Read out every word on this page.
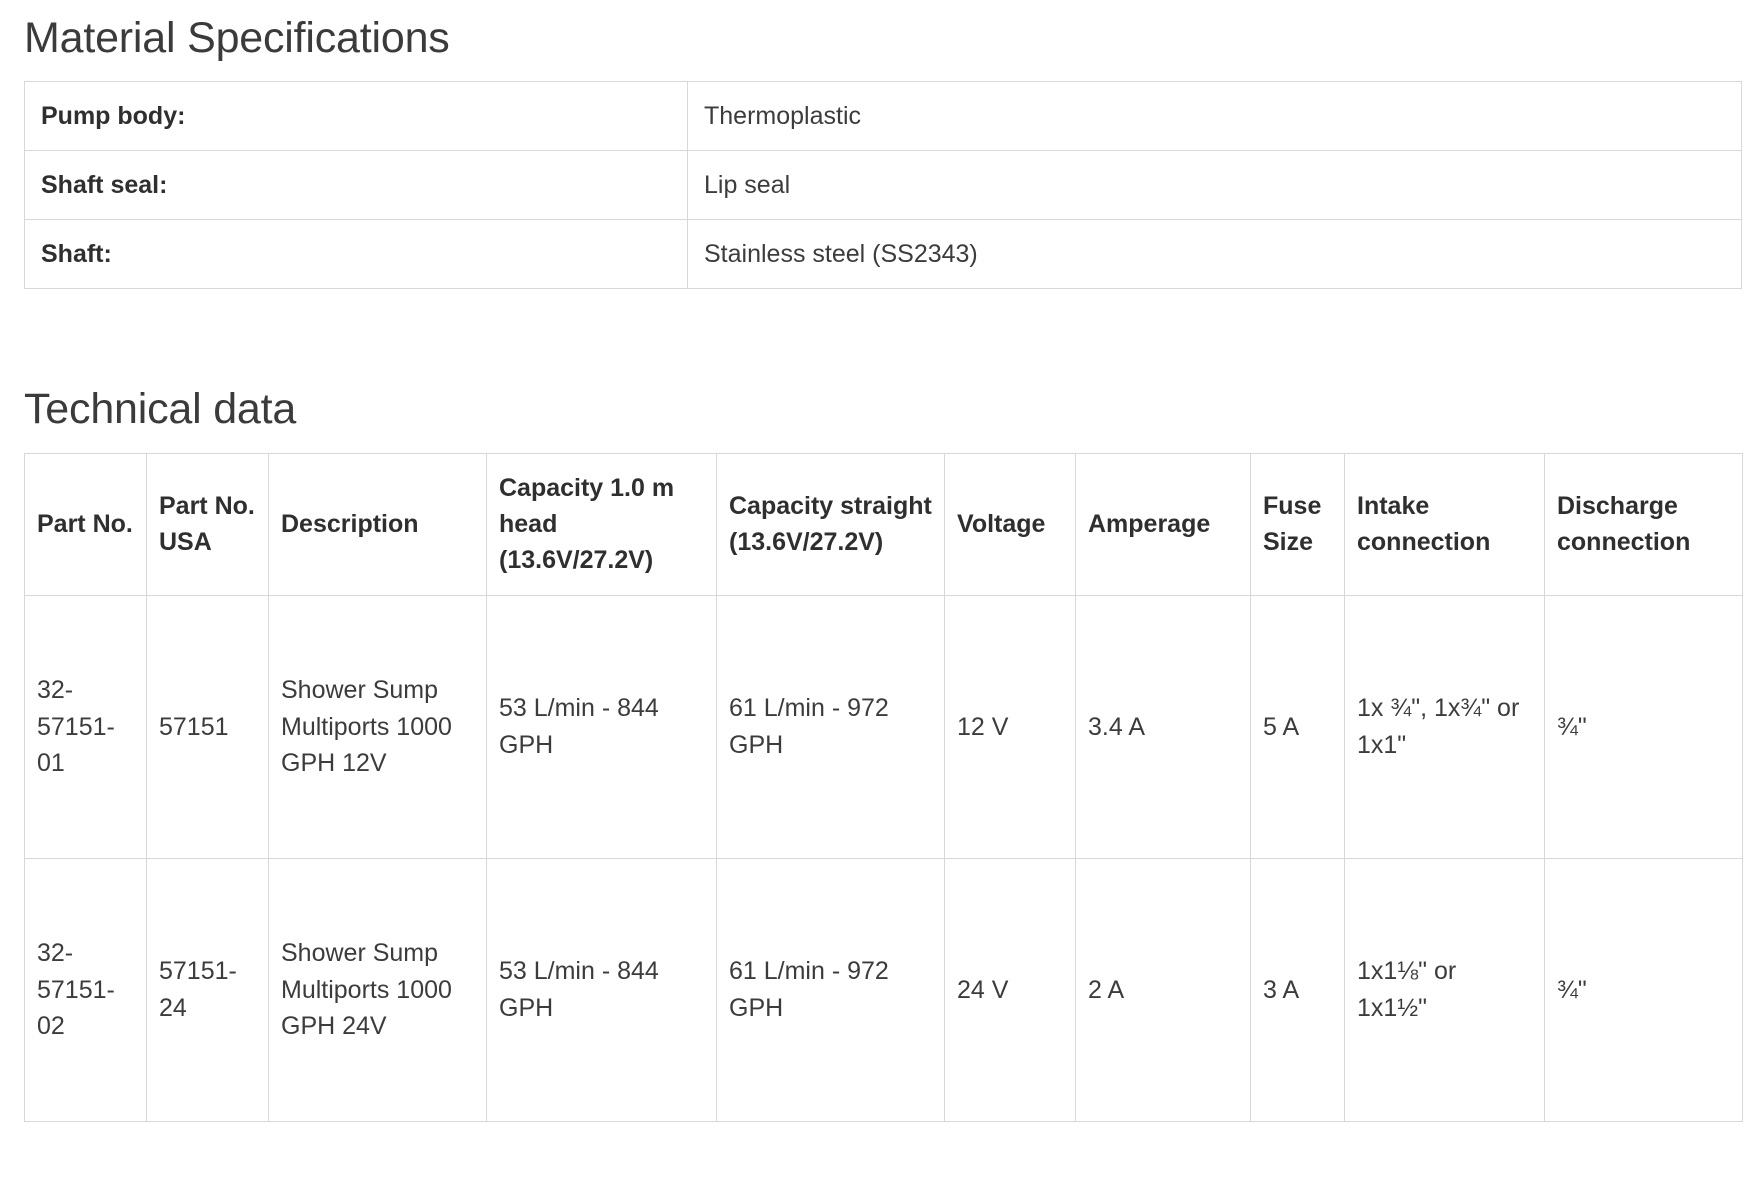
Material Specifications
Pump body:	Thermoplastic
Shaft seal:	Lip seal
Shaft:	Stainless steel (SS2343)
Technical data
Part No.	Part No. USA	Description	Capacity 1.0 m head (13.6V/27.2V)	Capacity straight (13.6V/27.2V)	Voltage	Amperage	Fuse Size	Intake connection	Discharge connection
32-57151-01	57151	Shower Sump Multiports 1000 GPH 12V	53 L/min - 844 GPH	61 L/min - 972 GPH	12 V	3.4 A	5 A	1x ¾", 1x¾" or 1x1"	¾"
32-57151-02	57151-24	Shower Sump Multiports 1000 GPH 24V	53 L/min - 844 GPH	61 L/min - 972 GPH	24 V	2 A	3 A	1x1⅛" or 1x1½"	¾"
